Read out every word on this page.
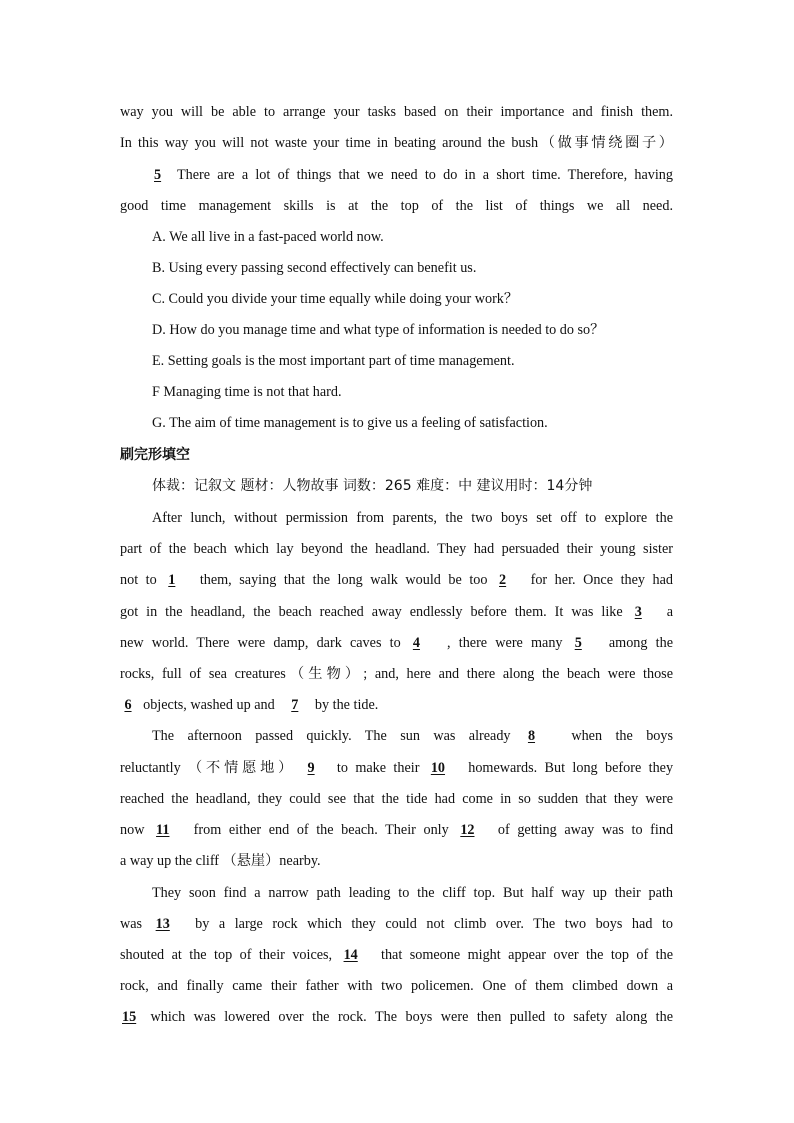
way you will be able to arrange your tasks based on their importance and finish them.
In this way you will not waste your time in beating around the bush（做事情绕圈子）
5 There are a lot of things that we need to do in a short time. Therefore, having
good time management skills is at the top of the list of things we all need.
A. We all live in a fast-paced world now.
B. Using every passing second effectively can benefit us.
C. Could you divide your time equally while doing your work？
D. How do you manage time and what type of information is needed to do so？
E. Setting goals is the most important part of time management.
F Managing time is not that hard.
G. The aim of time management is to give us a feeling of satisfaction.
刷完形填空
体裁：记叙文 题材：人物故事 词数：265 难度：中 建议用时：14分钟
After lunch, without permission from parents, the two boys set off to explore the
part of the beach which lay beyond the headland. They had persuaded their young sister
not to 1 them, saying that the long walk would be too 2 for her. Once they had
got in the headland, the beach reached away endlessly before them. It was like 3 a
new world. There were damp, dark caves to 4 , there were many 5 among the
rocks, full of sea creatures（生物）; and, here and there along the beach were those
6 objects, washed up and 7 by the tide.
The afternoon passed quickly. The sun was already 8	when the boys
reluctantly （不情愿地） 9 to make their 10 homewards. But long before they
reached the headland, they could see that the tide had come in so sudden that they were
now 11 from either end of the beach. Their only 12 of getting away was to find
a way up the cliff （悬崖）nearby.
They soon find a narrow path leading to the cliff top. But half way up their path
was 13 by a large rock which they could not climb over. The two boys had to
shouted at the top of their voices, 14 that someone might appear over the top of the
rock, and finally came their father with two policemen. One of them climbed down a
15 which was lowered over the rock. The boys were then pulled to safety along the
